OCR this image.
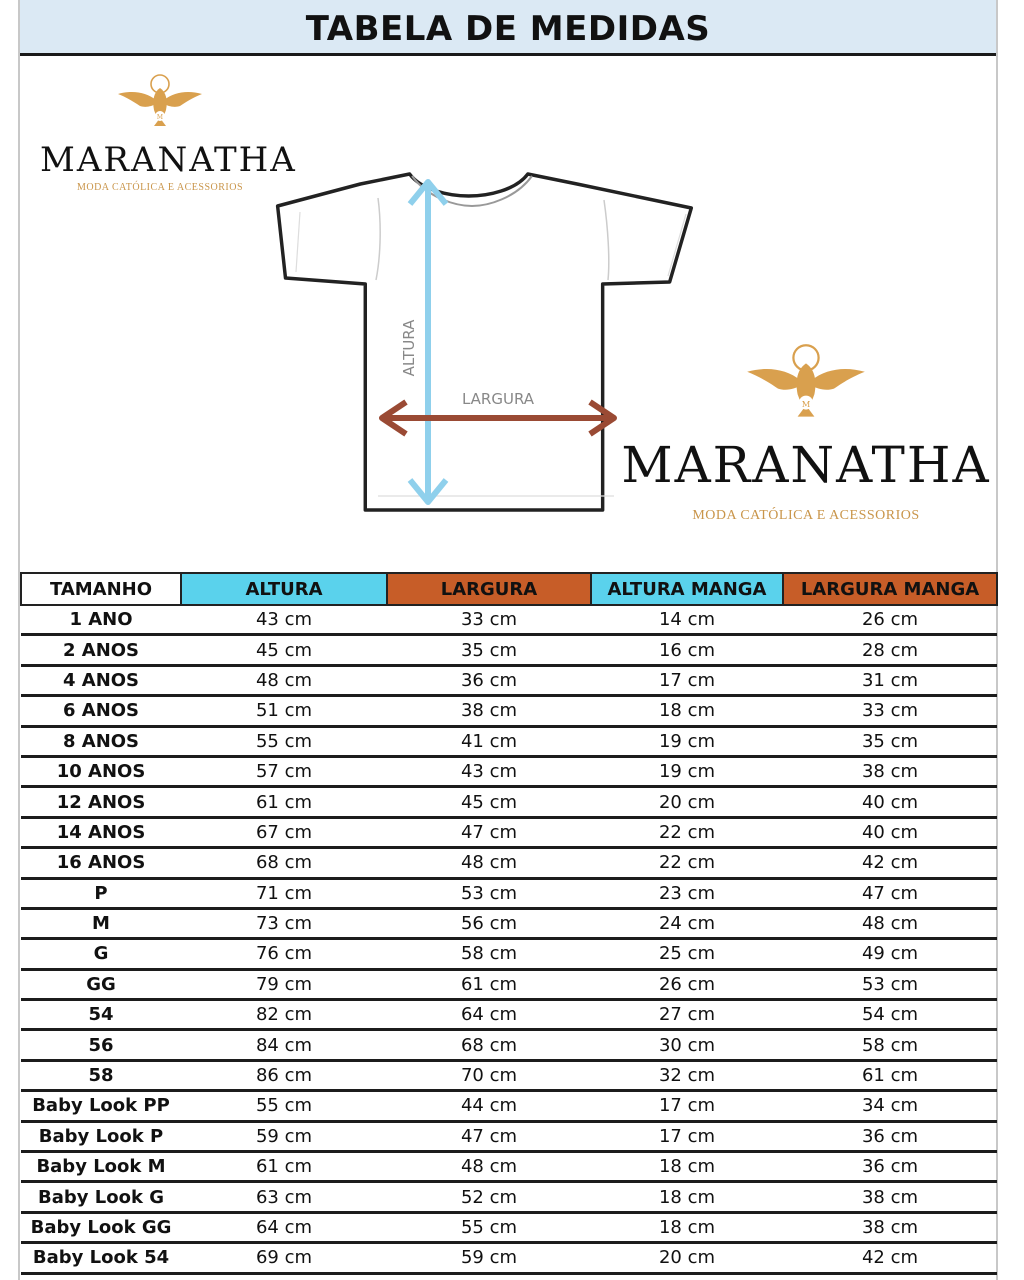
TABELA DE MEDIDAS
M
MARANATHA
MODA CATÓLICA E ACESSORIOS
ALTURA
LARGURA	M
MARANATHA
MODA CATÓLICA E ACESSORIOS
TAMANHO	ALTURA	LARGURA	ALTURA MANGA	LARGURA MANGA
1 ANO	43 cm	33 cm	14 cm	26 cm
2 ANOS	45 cm	35 cm	16 cm	28 cm
4 ANOS	48 cm	36 cm	17 cm	31 cm
6 ANOS	51 cm	38 cm	18 cm	33 cm
8 ANOS	55 cm	41 cm	19 cm	35 cm
10 ANOS	57 cm	43 cm	19 cm	38 cm
12 ANOS	61 cm	45 cm	20 cm	40 cm
14 ANOS	67 cm	47 cm	22 cm	40 cm
16 ANOS	68 cm	48 cm	22 cm	42 cm
P	71 cm	53 cm	23 cm	47 cm
M	73 cm	56 cm	24 cm	48 cm
G	76 cm	58 cm	25 cm	49 cm
GG	79 cm	61 cm	26 cm	53 cm
54	82 cm	64 cm	27 cm	54 cm
56	84 cm	68 cm	30 cm	58 cm
58	86 cm	70 cm	32 cm	61 cm
Baby Look PP	55 cm	44 cm	17 cm	34 cm
Baby Look P	59 cm	47 cm	17 cm	36 cm
Baby Look M	61 cm	48 cm	18 cm	36 cm
Baby Look G	63 cm	52 cm	18 cm	38 cm
Baby Look GG	64 cm	55 cm	18 cm	38 cm
Baby Look 54	69 cm	59 cm	20 cm	42 cm
